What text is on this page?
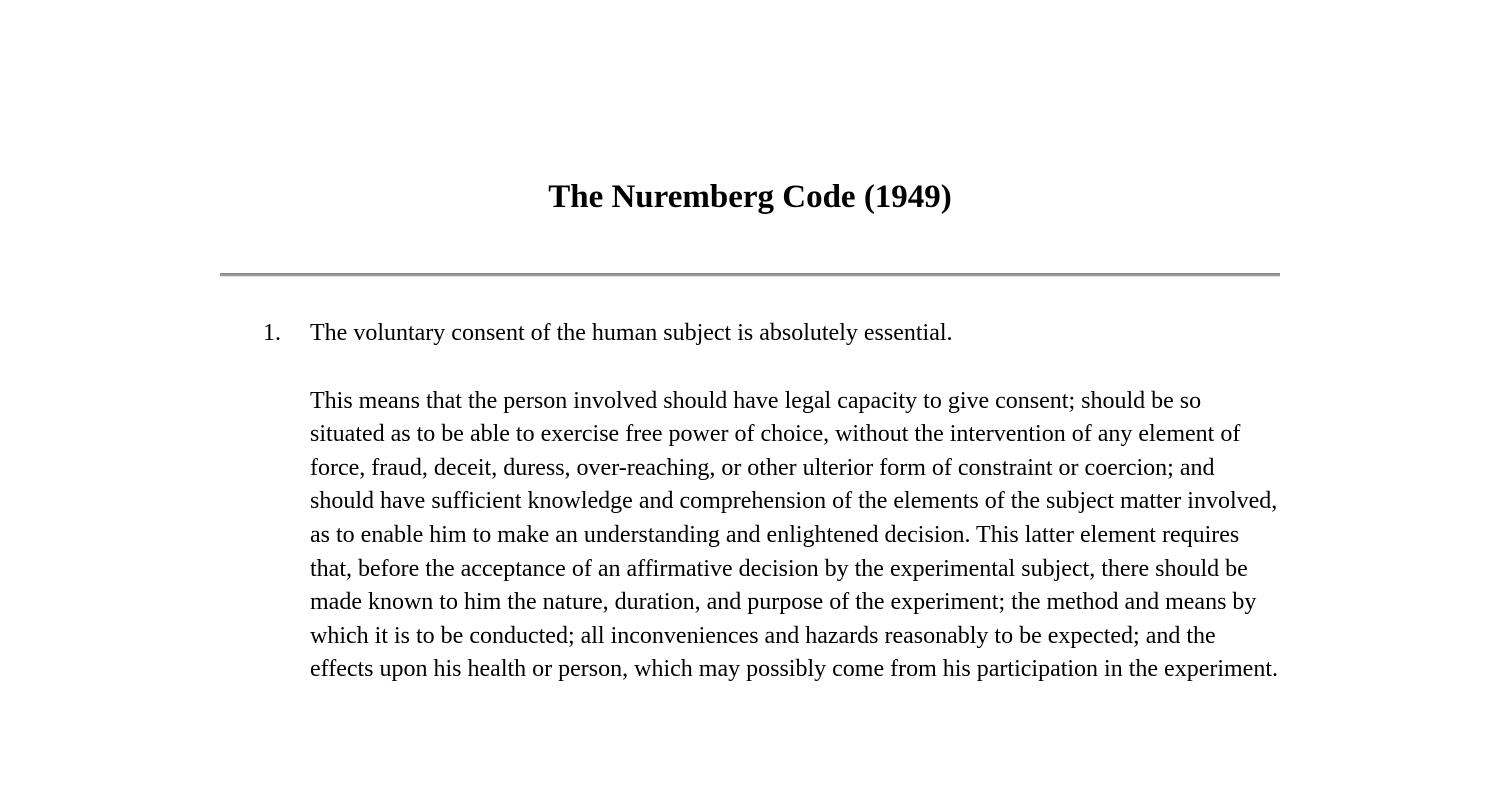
The Nuremberg Code (1949)
1. The voluntary consent of the human subject is absolutely essential.

This means that the person involved should have legal capacity to give consent; should be so situated as to be able to exercise free power of choice, without the intervention of any element of force, fraud, deceit, duress, over-reaching, or other ulterior form of constraint or coercion; and should have sufficient knowledge and comprehension of the elements of the subject matter involved, as to enable him to make an understanding and enlightened decision. This latter element requires that, before the acceptance of an affirmative decision by the experimental subject, there should be made known to him the nature, duration, and purpose of the experiment; the method and means by which it is to be conducted; all inconveniences and hazards reasonably to be expected; and the effects upon his health or person, which may possibly come from his participation in the experiment.
